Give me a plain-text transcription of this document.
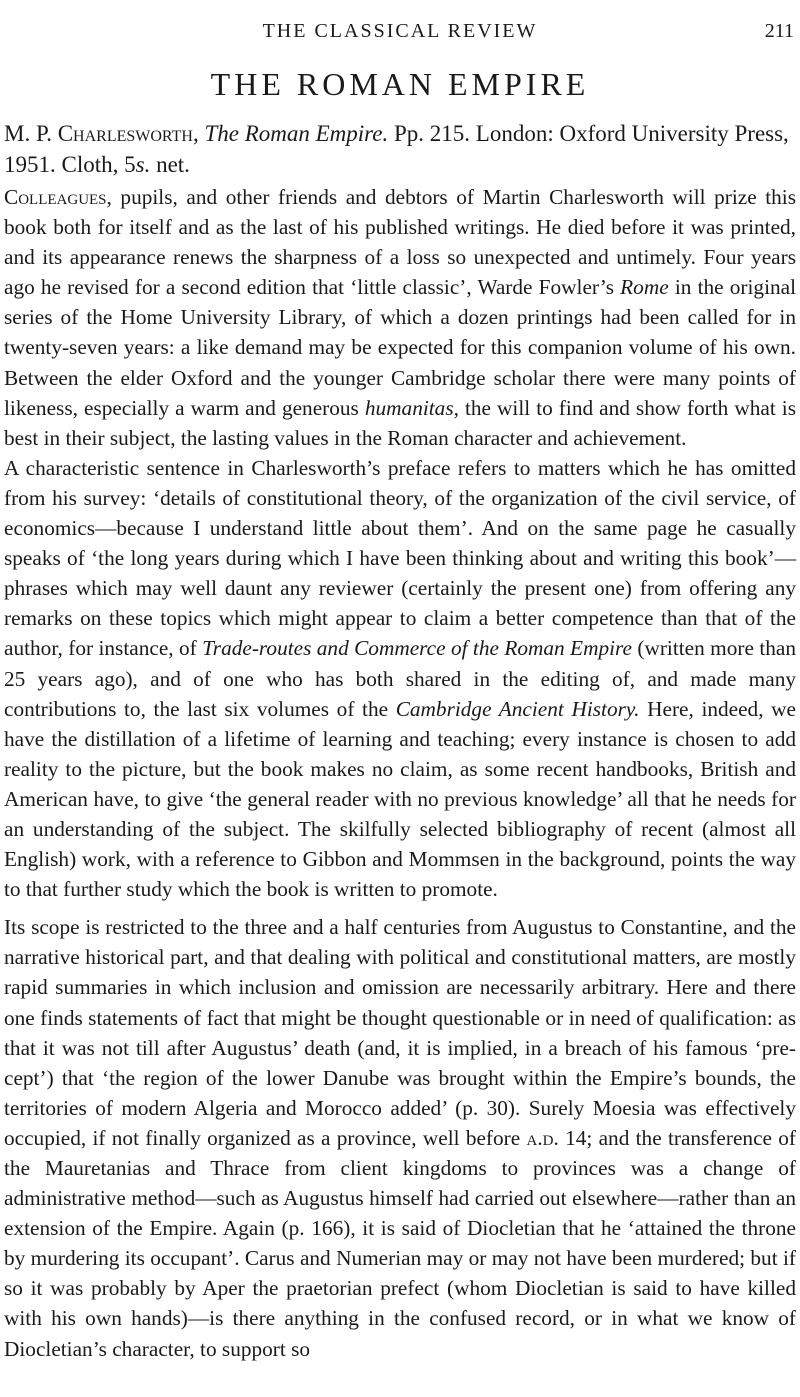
THE CLASSICAL REVIEW	211
THE ROMAN EMPIRE
M. P. Charlesworth, The Roman Empire. Pp. 215. London: Oxford University Press, 1951. Cloth, 5s. net.

Colleagues, pupils, and other friends and debtors of Martin Charlesworth will prize this book both for itself and as the last of his published writings. He died before it was printed, and its appearance renews the sharpness of a loss so unexpected and untimely. Four years ago he revised for a second edition that ‘little classic’, Warde Fowler’s Rome in the original series of the Home University Library, of which a dozen printings had been called for in twenty-seven years: a like demand may be expected for this companion volume of his own. Between the elder Oxford and the younger Cambridge scholar there were many points of likeness, especially a warm and generous humanitas, the will to find and show forth what is best in their subject, the lasting values in the Roman character and achievement.

A characteristic sentence in Charlesworth’s preface refers to matters which he has omitted from his survey: ‘details of constitutional theory, of the organization of the civil service, of economics—because I understand little about them’. And on the same page he casually speaks of ‘the long years during which I have been thinking about and writing this book’—phrases which may well daunt any reviewer (certainly the present one) from offering any remarks on these topics which might appear to claim a better competence than that of the author, for instance, of Trade-routes and Commerce of the Roman Empire (written more than 25 years ago), and of one who has both shared in the editing of, and made many contributions to, the last six volumes of the Cambridge Ancient History. Here, indeed, we have the distillation of a lifetime of learning and teaching; every instance is chosen to add reality to the picture, but the book makes no claim, as some recent handbooks, British and American have, to give ‘the general reader with no previous knowledge’ all that he needs for an understanding of the subject. The skilfully selected bibliography of recent (almost all English) work, with a reference to Gibbon and Mommsen in the background, points the way to that further study which the book is written to promote.

Its scope is restricted to the three and a half centuries from Augustus to Constantine, and the narrative historical part, and that dealing with political and constitutional matters, are mostly rapid summaries in which inclusion and omission are necessarily arbitrary. Here and there one finds statements of fact that might be thought questionable or in need of qualification: as that it was not till after Augustus’ death (and, it is implied, in a breach of his famous ‘precept’) that ‘the region of the lower Danube was brought within the Empire’s bounds, the territories of modern Algeria and Morocco added’ (p. 30). Surely Moesia was effectively occupied, if not finally organized as a province, well before a.d. 14; and the transference of the Mauretanias and Thrace from client kingdoms to provinces was a change of administrative method—such as Augustus himself had carried out elsewhere—rather than an extension of the Empire. Again (p. 166), it is said of Diocletian that he ‘attained the throne by murdering its occupant’. Carus and Numerian may or may not have been murdered; but if so it was probably by Aper the praetorian prefect (whom Diocletian is said to have killed with his own hands)—is there anything in the confused record, or in what we know of Diocletian’s character, to support so
